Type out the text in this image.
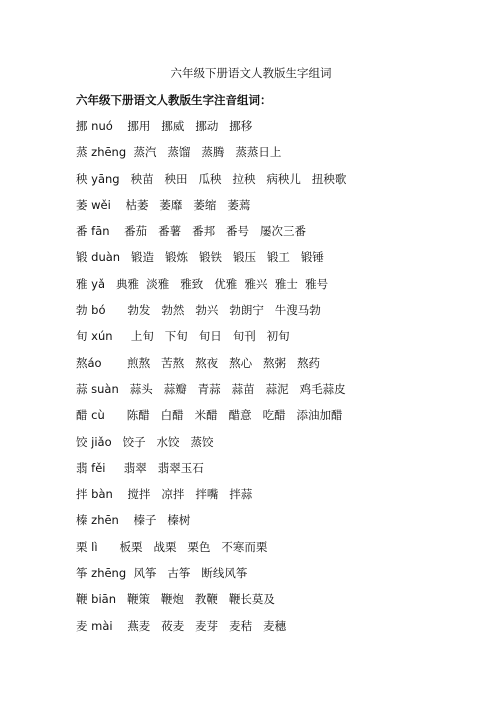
六年级下册语文人教版生字组词
六年级下册语文人教版生字注音组词：
挪 nuó    挪用   挪威   挪动   挪移
蒸 zhēng  蒸汽   蒸馏   蒸腾   蒸蒸日上
秧 yāng   秧苗   秧田   瓜秧   拉秧   病秧儿   扭秧歌
萎 wěi    枯萎   萎靡   萎缩   萎蔫
番 fān    番茄   番薯   番邦   番号   屡次三番
锻 duàn   锻造   锻炼   锻铁   锻压   锻工   锻锤
雅 yǎ   典雅  淡雅   雅致   优雅  雅兴  雅士  雅号
勃 bó      勃发   勃然   勃兴   勃朗宁   牛溲马勃
旬 xún     上旬   下旬   旬日   旬刊   初旬
熬áo       煎熬   苦熬   熬夜   熬心   熬粥   熬药
蒜 suàn   蒜头   蒜瓣   青蒜   蒜苗   蒜泥   鸡毛蒜皮
醋 cù      陈醋   白醋   米醋   醋意   吃醋   添油加醋
饺 jiǎo   饺子   水饺   蒸饺
翡 fěi     翡翠   翡翠玉石
拌 bàn    搅拌   凉拌   拌嘴   拌蒜
榛 zhēn    榛子   榛树
栗 lì      板栗   战栗   栗色   不寒而栗
筝 zhēng  风筝   古筝   断线风筝
鞭 biān   鞭策   鞭炮   教鞭   鞭长莫及
麦 mài    燕麦   莜麦   麦芽   麦秸   麦穗
